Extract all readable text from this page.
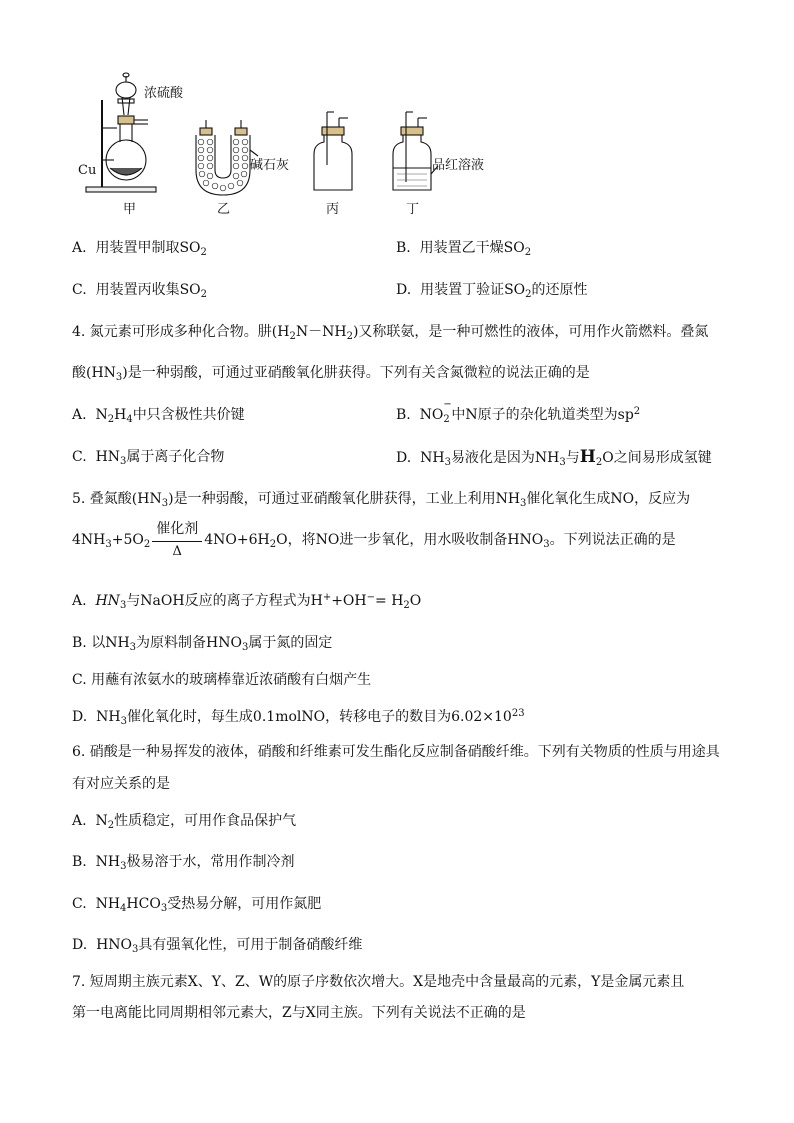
浓硫酸
Cu	碱石灰	品红溶液
甲	乙	丙	丁
A. 用装置甲制取$SO_2$	B. 用装置乙干燥$SO_2$
C. 用装置丙收集$SO_2$	D. 用装置丁验证$SO_2$的还原性
4. 氮元素可形成多种化合物。肼$(H_2N-NH_2)$又称联氨，是一种可燃性的液体，可用作火箭燃料。叠氮
酸$(HN_3)$是一种弱酸，可通过亚硝酸氧化肼获得。下列有关含氮微粒的说法正确的是
A. $N_2H_4$中只含极性共价键	B. NO
−
2 中N原子的杂化轨道类型为$sp^2$
C. $HN_3$属于离子化合物	D. $NH_3$易液化是因为$NH_3$与$H_2O$之间易形成氢键
5. 叠氮酸$(HN_3)$是一种弱酸，可通过亚硝酸氧化肼获得，工业上利用$NH_3$催化氧化生成NO，反应为
$4NH_3+5O_2$
催化剂
Δ
$4NO+6H_2O$，将NO进一步氧化，用水吸收制备$HNO_3$。下列说法正确的是
A. $HN_3$与NaOH反应的离子方程式为$H^++OH^-= H_2O$
B. 以$NH_3$为原料制备$HNO_3$属于氮的固定
C. 用蘸有浓氨水的玻璃棒靠近浓硝酸有白烟产生
D. $NH_3$催化氧化时，每生成0.1molNO，转移电子的数目为$6.02\times 10^{23}$
6. 硝酸是一种易挥发的液体，硝酸和纤维素可发生酯化反应制备硝酸纤维。下列有关物质的性质与用途具
有对应关系的是
A. $N_2$性质稳定，可用作食品保护气
B. $NH_3$极易溶于水，常用作制冷剂
C. $NH_4HCO_3$受热易分解，可用作氮肥
D. $HNO_3$具有强氧化性，可用于制备硝酸纤维
7. 短周期主族元素X、Y、Z、W的原子序数依次增大。X是地壳中含量最高的元素，Y是金属元素且
第一电离能比同周期相邻元素大，Z与X同主族。下列有关说法不正确的是
